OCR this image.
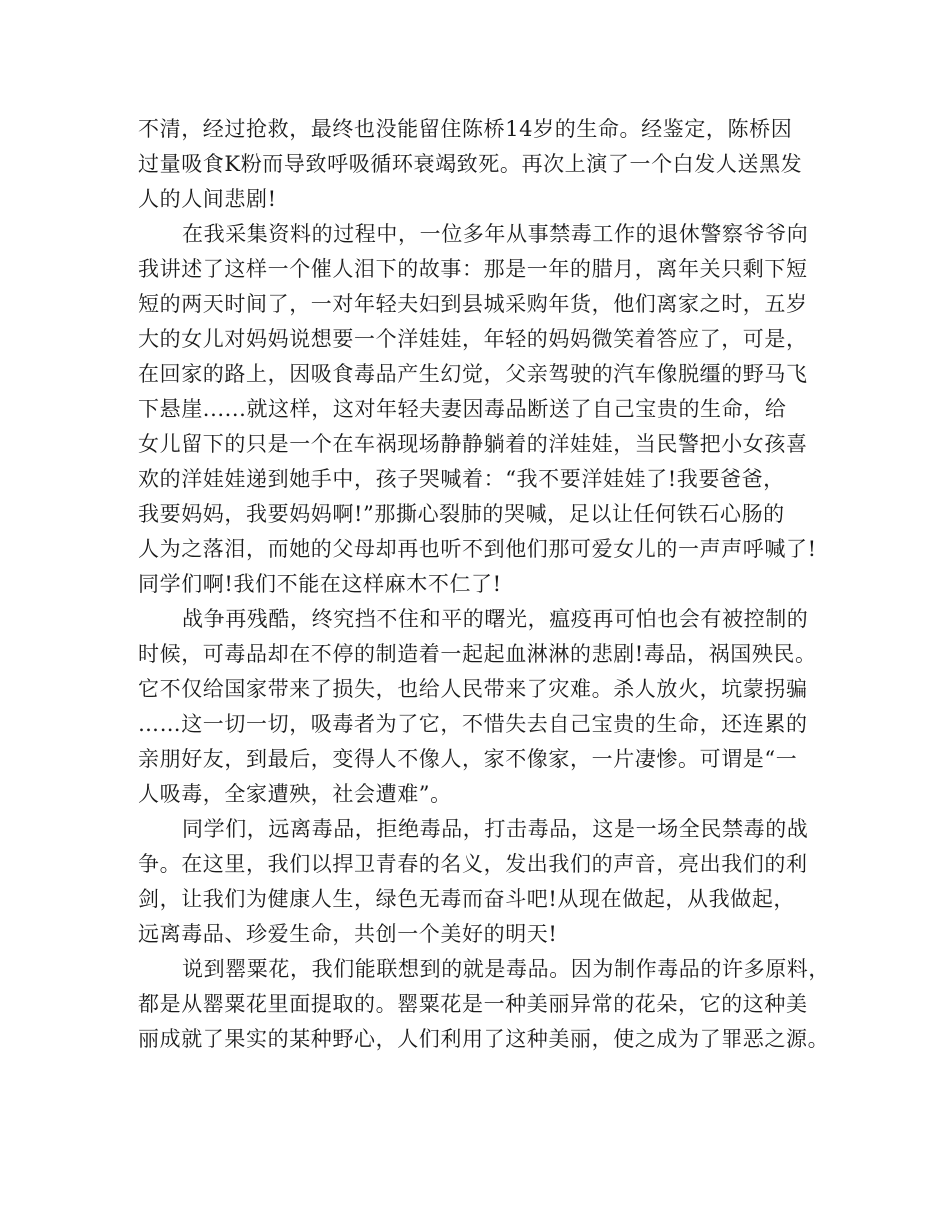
不清，经过抢救，最终也没能留住陈桥14岁的生命。经鉴定，陈桥因
过量吸食K粉而导致呼吸循环衰竭致死。再次上演了一个白发人送黑发
人的人间悲剧!
在我采集资料的过程中，一位多年从事禁毒工作的退休警察爷爷向
我讲述了这样一个催人泪下的故事：那是一年的腊月，离年关只剩下短
短的两天时间了，一对年轻夫妇到县城采购年货，他们离家之时，五岁
大的女儿对妈妈说想要一个洋娃娃，年轻的妈妈微笑着答应了，可是，
在回家的路上，因吸食毒品产生幻觉，父亲驾驶的汽车像脱缰的野马飞
下悬崖......就这样，这对年轻夫妻因毒品断送了自己宝贵的生命，给
女儿留下的只是一个在车祸现场静静躺着的洋娃娃，当民警把小女孩喜
欢的洋娃娃递到她手中，孩子哭喊着：“我不要洋娃娃了!我要爸爸，
我要妈妈，我要妈妈啊!”那撕心裂肺的哭喊，足以让任何铁石心肠的
人为之落泪，而她的父母却再也听不到他们那可爱女儿的一声声呼喊了!
同学们啊!我们不能在这样麻木不仁了!
战争再残酷，终究挡不住和平的曙光，瘟疫再可怕也会有被控制的
时候，可毒品却在不停的制造着一起起血淋淋的悲剧!毒品，祸国殃民。
它不仅给国家带来了损失，也给人民带来了灾难。杀人放火，坑蒙拐骗
……这一切一切，吸毒者为了它，不惜失去自己宝贵的生命，还连累的
亲朋好友，到最后，变得人不像人，家不像家，一片凄惨。可谓是“一
人吸毒，全家遭殃，社会遭难”。
同学们，远离毒品，拒绝毒品，打击毒品，这是一场全民禁毒的战
争。在这里，我们以捍卫青春的名义，发出我们的声音，亮出我们的利
剑，让我们为健康人生，绿色无毒而奋斗吧!从现在做起，从我做起，
远离毒品、珍爱生命，共创一个美好的明天!
说到罂粟花，我们能联想到的就是毒品。因为制作毒品的许多原料，
都是从罂粟花里面提取的。罂粟花是一种美丽异常的花朵，它的这种美
丽成就了果实的某种野心，人们利用了这种美丽，使之成为了罪恶之源。
